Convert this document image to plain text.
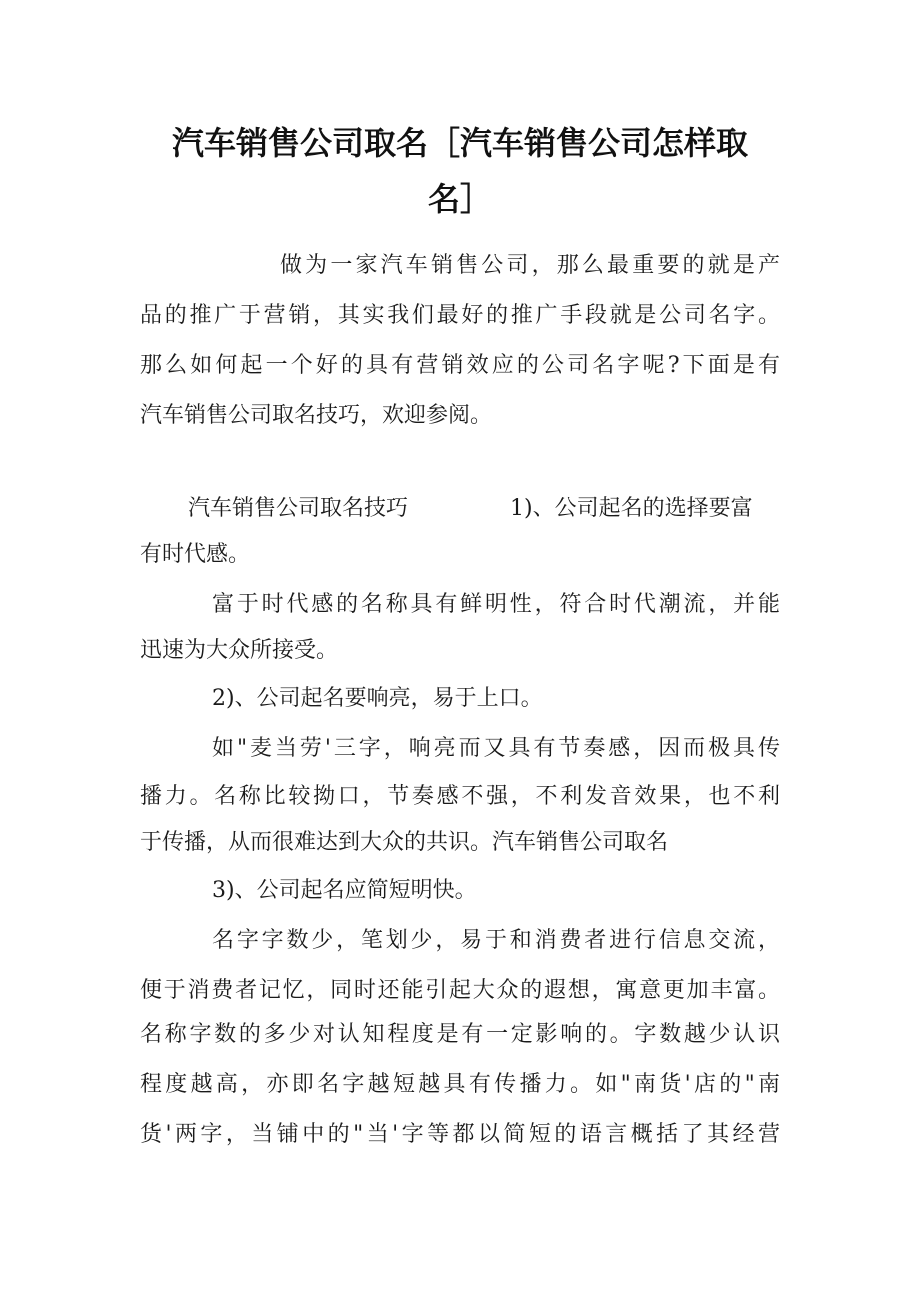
汽车销售公司取名［汽车销售公司怎样取
名］
做为一家汽车销售公司，那么最重要的就是产
品的推广于营销，其实我们最好的推广手段就是公司名字。
那么如何起一个好的具有营销效应的公司名字呢?下面是有
汽车销售公司取名技巧，欢迎参阅。
汽车销售公司取名技巧	1)、公司起名的选择要富
有时代感。
富于时代感的名称具有鲜明性，符合时代潮流，并能
迅速为大众所接受。
2)、公司起名要响亮，易于上口。
如"麦当劳'三字，响亮而又具有节奏感，因而极具传
播力。名称比较拗口，节奏感不强，不利发音效果，也不利
于传播，从而很难达到大众的共识。汽车销售公司取名
3)、公司起名应简短明快。
名字字数少，笔划少，易于和消费者进行信息交流，
便于消费者记忆，同时还能引起大众的遐想，寓意更加丰富。
名称字数的多少对认知程度是有一定影响的。字数越少认识
程度越高，亦即名字越短越具有传播力。如"南货'店的"南
货'两字，当铺中的"当'字等都以简短的语言概括了其经营
